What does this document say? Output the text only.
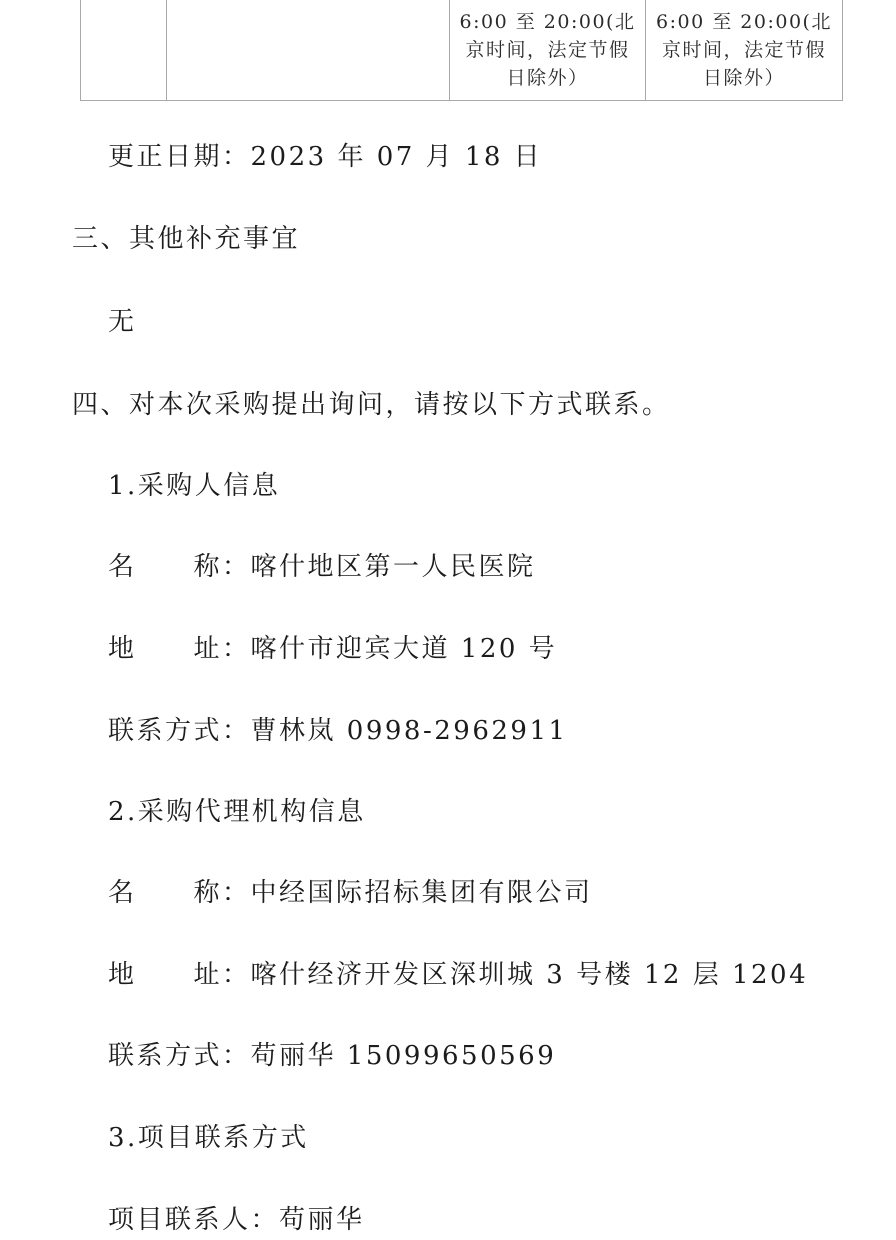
6:00 至 20:00(北
京时间，法定节假
日除外）

6:00 至 20:00(北
京时间，法定节假
日除外）
更正日期：2023 年 07 月 18 日
三、其他补充事宜
无
四、对本次采购提出询问，请按以下方式联系。
1.采购人信息
名　　称：喀什地区第一人民医院
地　　址：喀什市迎宾大道 120 号
联系方式：曹林岚 0998-2962911
2.采购代理机构信息
名　　称：中经国际招标集团有限公司
地　　址：喀什经济开发区深圳城 3 号楼 12 层 1204
联系方式：苟丽华 15099650569
3.项目联系方式
项目联系人：苟丽华
